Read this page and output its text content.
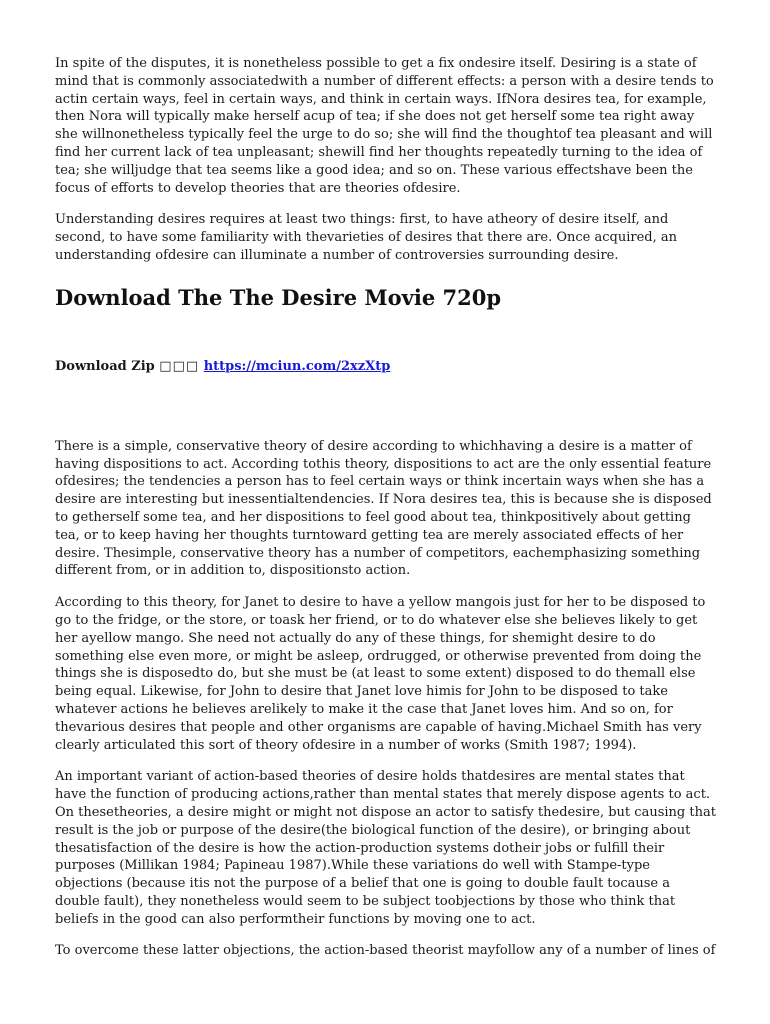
In spite of the disputes, it is nonetheless possible to get a fix ondesire itself. Desiring is a state of mind that is commonly associatedwith a number of different effects: a person with a desire tends to actin certain ways, feel in certain ways, and think in certain ways. IfNora desires tea, for example, then Nora will typically make herself acup of tea; if she does not get herself some tea right away she willnonetheless typically feel the urge to do so; she will find the thoughtof tea pleasant and will find her current lack of tea unpleasant; shewill find her thoughts repeatedly turning to the idea of tea; she willjudge that tea seems like a good idea; and so on. These various effectshave been the focus of efforts to develop theories that are theories ofdesire.

Understanding desires requires at least two things: first, to have atheory of desire itself, and second, to have some familiarity with thevarieties of desires that there are. Once acquired, an understanding ofdesire can illuminate a number of controversies surrounding desire.

Download The The Desire Movie 720p
Download Zip □□□ https://mciun.com/2xzXtp

There is a simple, conservative theory of desire according to whichhaving a desire is a matter of having dispositions to act. According tothis theory, dispositions to act are the only essential feature ofdesires; the tendencies a person has to feel certain ways or think incertain ways when she has a desire are interesting but inessentialtendencies. If Nora desires tea, this is because she is disposed to getherself some tea, and her dispositions to feel good about tea, thinkpositively about getting tea, or to keep having her thoughts turntoward getting tea are merely associated effects of her desire. Thesimple, conservative theory has a number of competitors, eachemphasizing something different from, or in addition to, dispositionsto action.

According to this theory, for Janet to desire to have a yellow mangois just for her to be disposed to go to the fridge, or the store, or toask her friend, or to do whatever else she believes likely to get her ayellow mango. She need not actually do any of these things, for shemight desire to do something else even more, or might be asleep, ordrugged, or otherwise prevented from doing the things she is disposedto do, but she must be (at least to some extent) disposed to do themall else being equal. Likewise, for John to desire that Janet love himis for John to be disposed to take whatever actions he believes arelikely to make it the case that Janet loves him. And so on, for thevarious desires that people and other organisms are capable of having.Michael Smith has very clearly articulated this sort of theory ofdesire in a number of works (Smith 1987; 1994).

An important variant of action-based theories of desire holds thatdesires are mental states that have the function of producing actions,rather than mental states that merely dispose agents to act. On thesetheories, a desire might or might not dispose an actor to satisfy thedesire, but causing that result is the job or purpose of the desire(the biological function of the desire), or bringing about thesatisfaction of the desire is how the action-production systems dotheir jobs or fulfill their purposes (Millikan 1984; Papineau 1987).While these variations do well with Stampe-type objections (because itis not the purpose of a belief that one is going to double fault tocause a double fault), they nonetheless would seem to be subject toobjections by those who think that beliefs in the good can also performtheir functions by moving one to act.

To overcome these latter objections, the action-based theorist mayfollow any of a number of lines of
